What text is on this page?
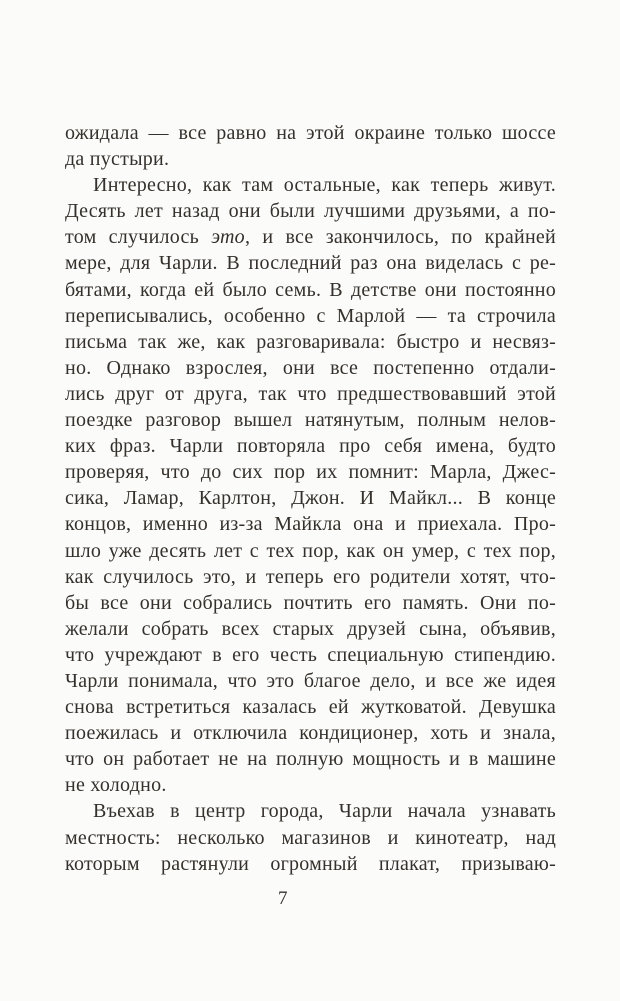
ожидала — все равно на этой окраине только шоссе
да пустыри.
Интересно, как там остальные, как теперь живут.
Десять лет назад они были лучшими друзьями, а по-
том случилось это, и все закончилось, по крайней
мере, для Чарли. В последний раз она виделась с ре-
бятами, когда ей было семь. В детстве они постоянно
переписывались, особенно с Марлой — та строчила
письма так же, как разговаривала: быстро и несвяз-
но. Однако взрослея, они все постепенно отдали-
лись друг от друга, так что предшествовавший этой
поездке разговор вышел натянутым, полным нелов-
ких фраз. Чарли повторяла про себя имена, будто
проверяя, что до сих пор их помнит: Марла, Джес-
сика, Ламар, Карлтон, Джон. И Майкл... В конце
концов, именно из-за Майкла она и приехала. Про-
шло уже десять лет с тех пор, как он умер, с тех пор,
как случилось это, и теперь его родители хотят, что-
бы все они собрались почтить его память. Они по-
желали собрать всех старых друзей сына, объявив,
что учреждают в его честь специальную стипендию.
Чарли понимала, что это благое дело, и все же идея
снова встретиться казалась ей жутковатой. Девушка
поежилась и отключила кондиционер, хоть и знала,
что он работает не на полную мощность и в машине
не холодно.
Въехав в центр города, Чарли начала узнавать
местность: несколько магазинов и кинотеатр, над
которым растянули огромный плакат, призываю-
7
